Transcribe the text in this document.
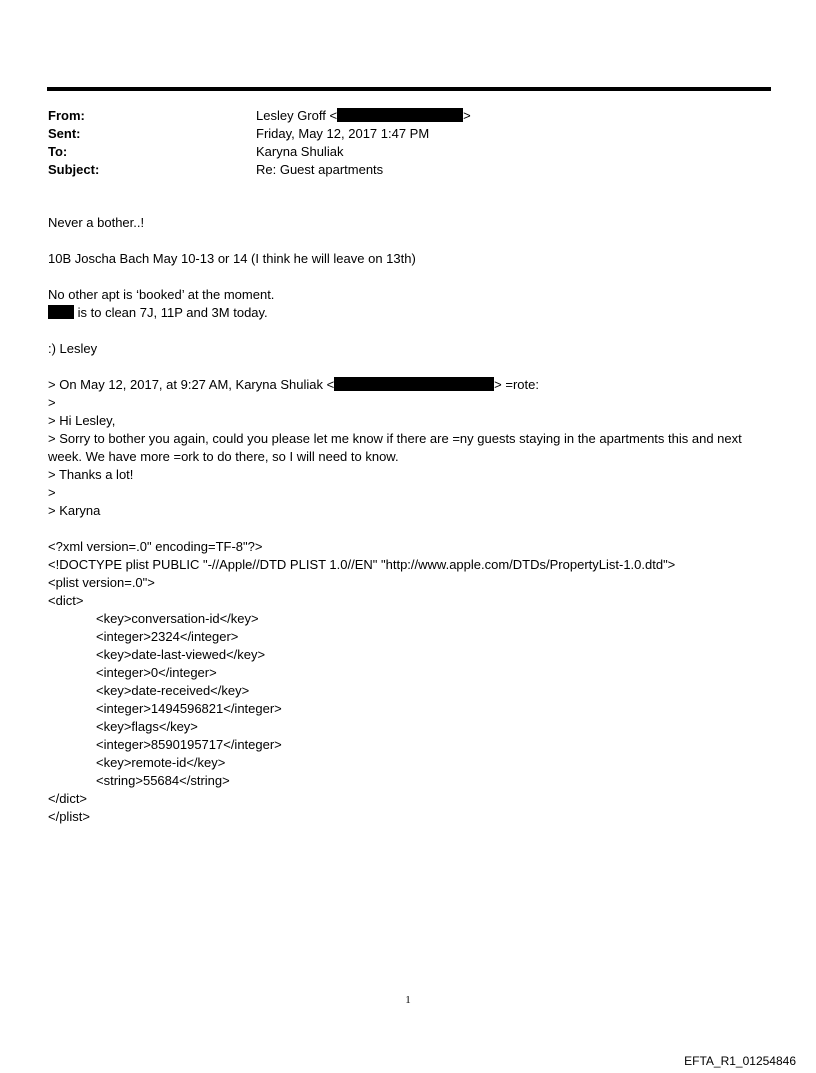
From:	Lesley Groff <	>
Sent:	Friday, May 12, 2017 1:47 PM
To:	Karyna Shuliak
Subject:	Re: Guest apartments

Never a bother..!

10B Joscha Bach May 10-13 or 14 (I think he will leave on 13th)

No other apt is ‘booked’ at the moment.

is to clean 7J, 11P and 3M today.

:) Lesley

> On May 12, 2017, at 9:27 AM, Karyna Shuliak <	> =rote:

>

> Hi Lesley,

> Sorry to bother you again, could you please let me know if there are =ny guests staying in the apartments this and next week. We have more =ork to do there, so I will need to know.

> Thanks a lot!

>

> Karyna

<?xml version=.0" encoding=TF-8"?>

<!DOCTYPE plist PUBLIC "-//Apple//DTD PLIST 1.0//EN" "http://www.apple.com/DTDs/PropertyList-1.0.dtd">

<plist version=.0">

<dict>

<key>conversation-id</key>

<integer>2324</integer>

<key>date-last-viewed</key>

<integer>0</integer>

<key>date-received</key>

<integer>1494596821</integer>

<key>flags</key>

<integer>8590195717</integer>

<key>remote-id</key>

<string>55684</string>

</dict>

</plist>

1
EFTA_R1_01254846
